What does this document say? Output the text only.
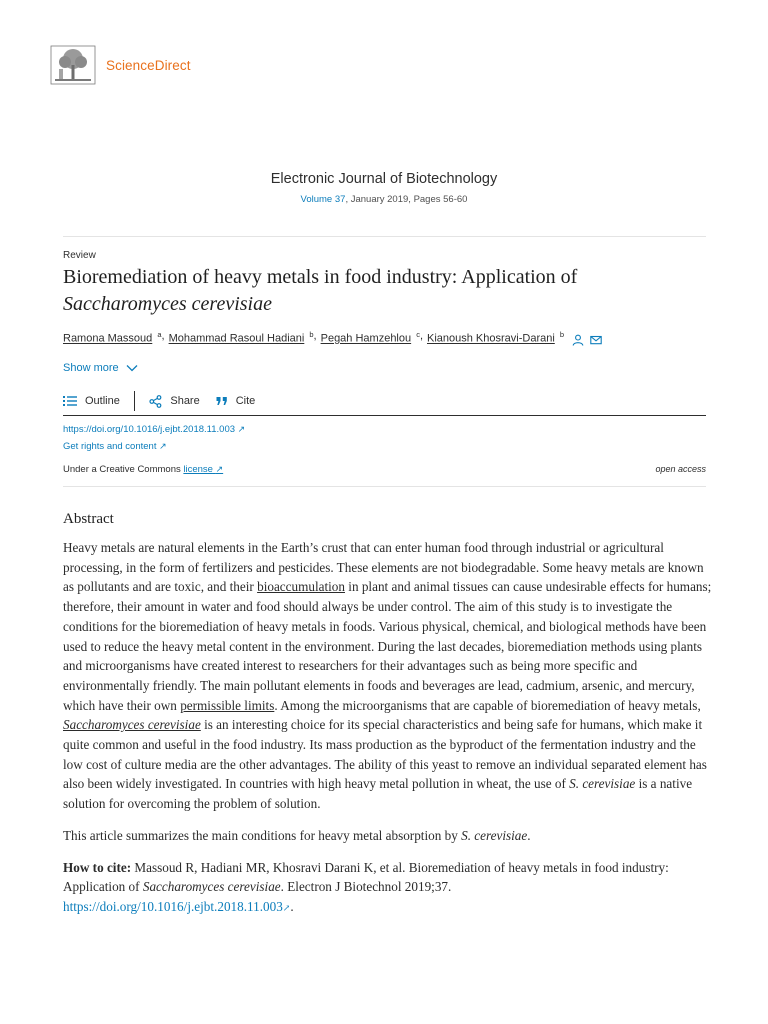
ScienceDirect
Electronic Journal of Biotechnology
Volume 37, January 2019, Pages 56-60
Review
Bioremediation of heavy metals in food industry: Application of
Saccharomyces cerevisiae
Ramona Massoud $^a$ , Mohammad Rasoul Hadiani $^b$ , Pegah Hamzehlou $^c$ , Kianoush Khosravi-Darani $^b$
Show more
Outline	Share	Cite
https://doi.org/10.1016/j.ejbt.2018.11.003 ↗
Get rights and content ↗
Under a Creative Commons license ↗	open access
Abstract

Heavy metals are natural elements in the Earth’s crust that can enter human food through industrial or agricultural processing, in the form of fertilizers and pesticides. These elements are not biodegradable. Some heavy metals are known as pollutants and are toxic, and their bioaccumulation in plant and animal tissues can cause undesirable effects for humans; therefore, their amount in water and food should always be under control. The aim of this study is to investigate the conditions for the bioremediation of heavy metals in foods. Various physical, chemical, and biological methods have been used to reduce the heavy metal content in the environment. During the last decades, bioremediation methods using plants and microorganisms have created interest to researchers for their advantages such as being more specific and environmentally friendly. The main pollutant elements in foods and beverages are lead, cadmium, arsenic, and mercury, which have their own permissible limits. Among the microorganisms that are capable of bioremediation of heavy metals, Saccharomyces cerevisiae is an interesting choice for its special characteristics and being safe for humans, which make it quite common and useful in the food industry. Its mass production as the byproduct of the fermentation industry and the low cost of culture media are the other advantages. The ability of this yeast to remove an individual separated element has also been widely investigated. In countries with high heavy metal pollution in wheat, the use of S. cerevisiae is a native solution for overcoming the problem of solution.

This article summarizes the main conditions for heavy metal absorption by S. cerevisiae.

How to cite: Massoud R, Hadiani MR, Khosravi Darani K, et al. Bioremediation of heavy metals in food industry: Application of Saccharomyces cerevisiae. Electron J Biotechnol 2019;37.
https://doi.org/10.1016/j.ejbt.2018.11.003↗.
